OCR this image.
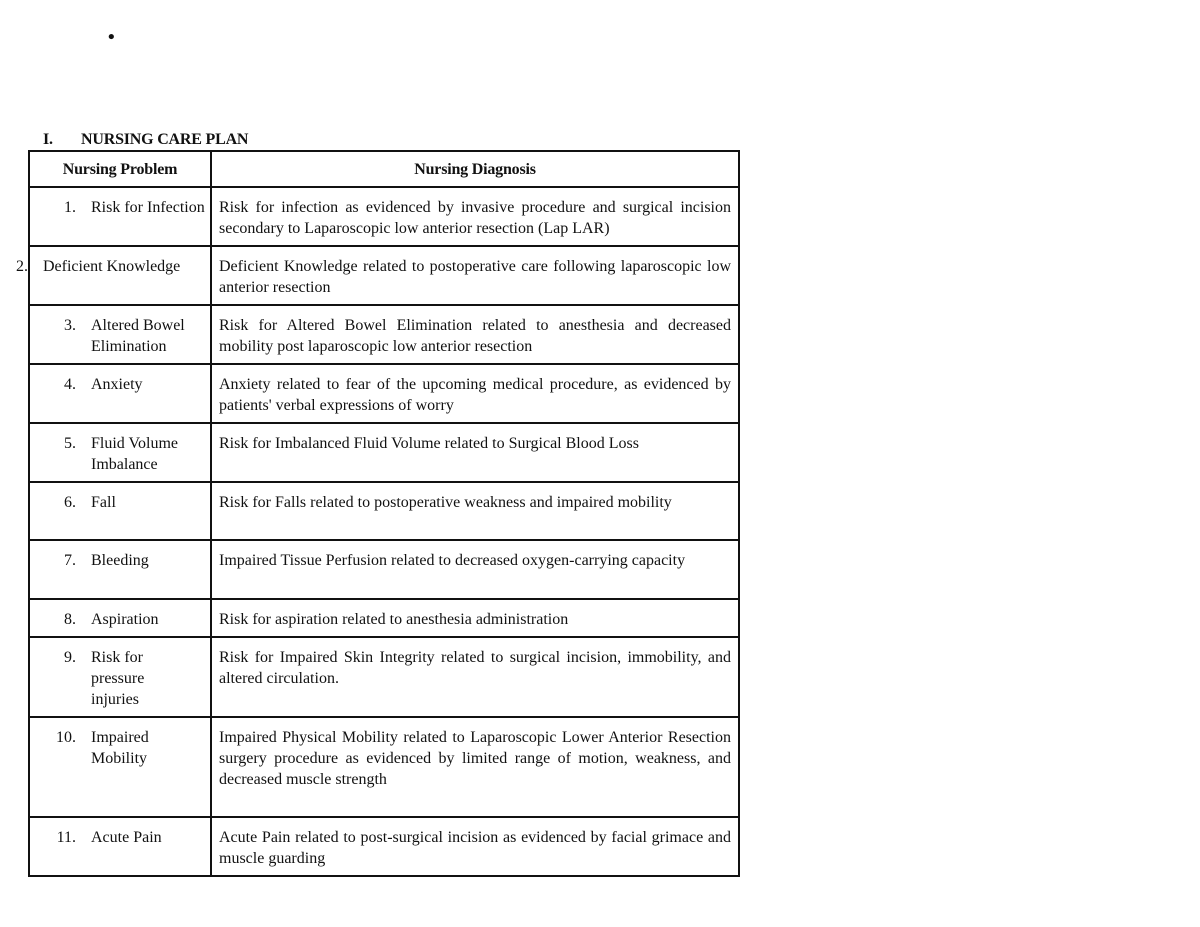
•
I. NURSING CARE PLAN
Nursing Problem	Nursing Diagnosis

1. Risk for Infection	Risk for infection as evidenced by invasive procedure and surgical incision secondary to Laparoscopic low anterior resection (Lap LAR)

2. Deficient Knowledge	Deficient Knowledge related to postoperative care following laparoscopic low anterior resection

3. Altered Bowel Elimination	Risk for Altered Bowel Elimination related to anesthesia and decreased mobility post laparoscopic low anterior resection

4. Anxiety	Anxiety related to fear of the upcoming medical procedure, as evidenced by patients' verbal expressions of worry

5. Fluid Volume Imbalance	Risk for Imbalanced Fluid Volume related to Surgical Blood Loss

6. Fall	Risk for Falls related to postoperative weakness and impaired mobility

7. Bleeding	Impaired Tissue Perfusion related to decreased oxygen-carrying capacity

8. Aspiration	Risk for aspiration related to anesthesia administration

9. Risk for pressure injuries	Risk for Impaired Skin Integrity related to surgical incision, immobility, and altered circulation.

10. Impaired Mobility	Impaired Physical Mobility related to Laparoscopic Lower Anterior Resection surgery procedure as evidenced by limited range of motion, weakness, and decreased muscle strength

11. Acute Pain	Acute Pain related to post-surgical incision as evidenced by facial grimace and muscle guarding
